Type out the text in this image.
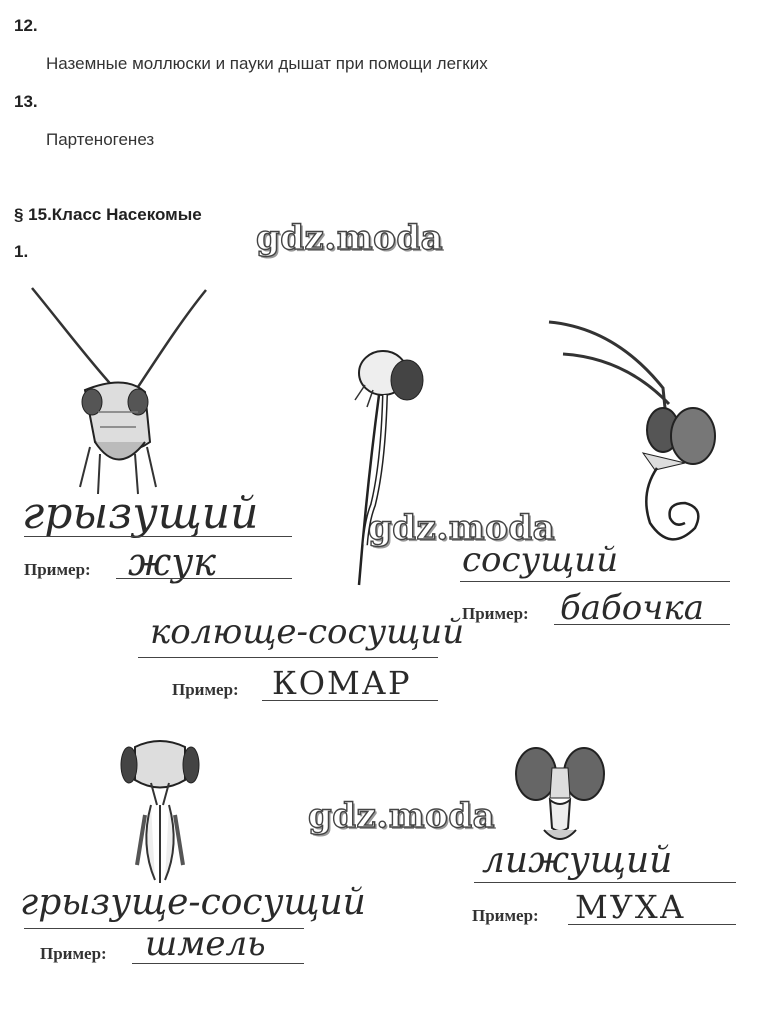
12.
Наземные моллюски и пауки дышат при помощи легких
13.
Партеногенез
§ 15.Класс Насекомые
1.	gdz.moda
gdz.moda
gdz.moda
грызущий
Пример: жук	сосущий
Пример: бабочка
колюще-сосущий
Пример: КОМАР
грызуще-сосущий
Пример: шмель
лижущий
Пример: МУХА
